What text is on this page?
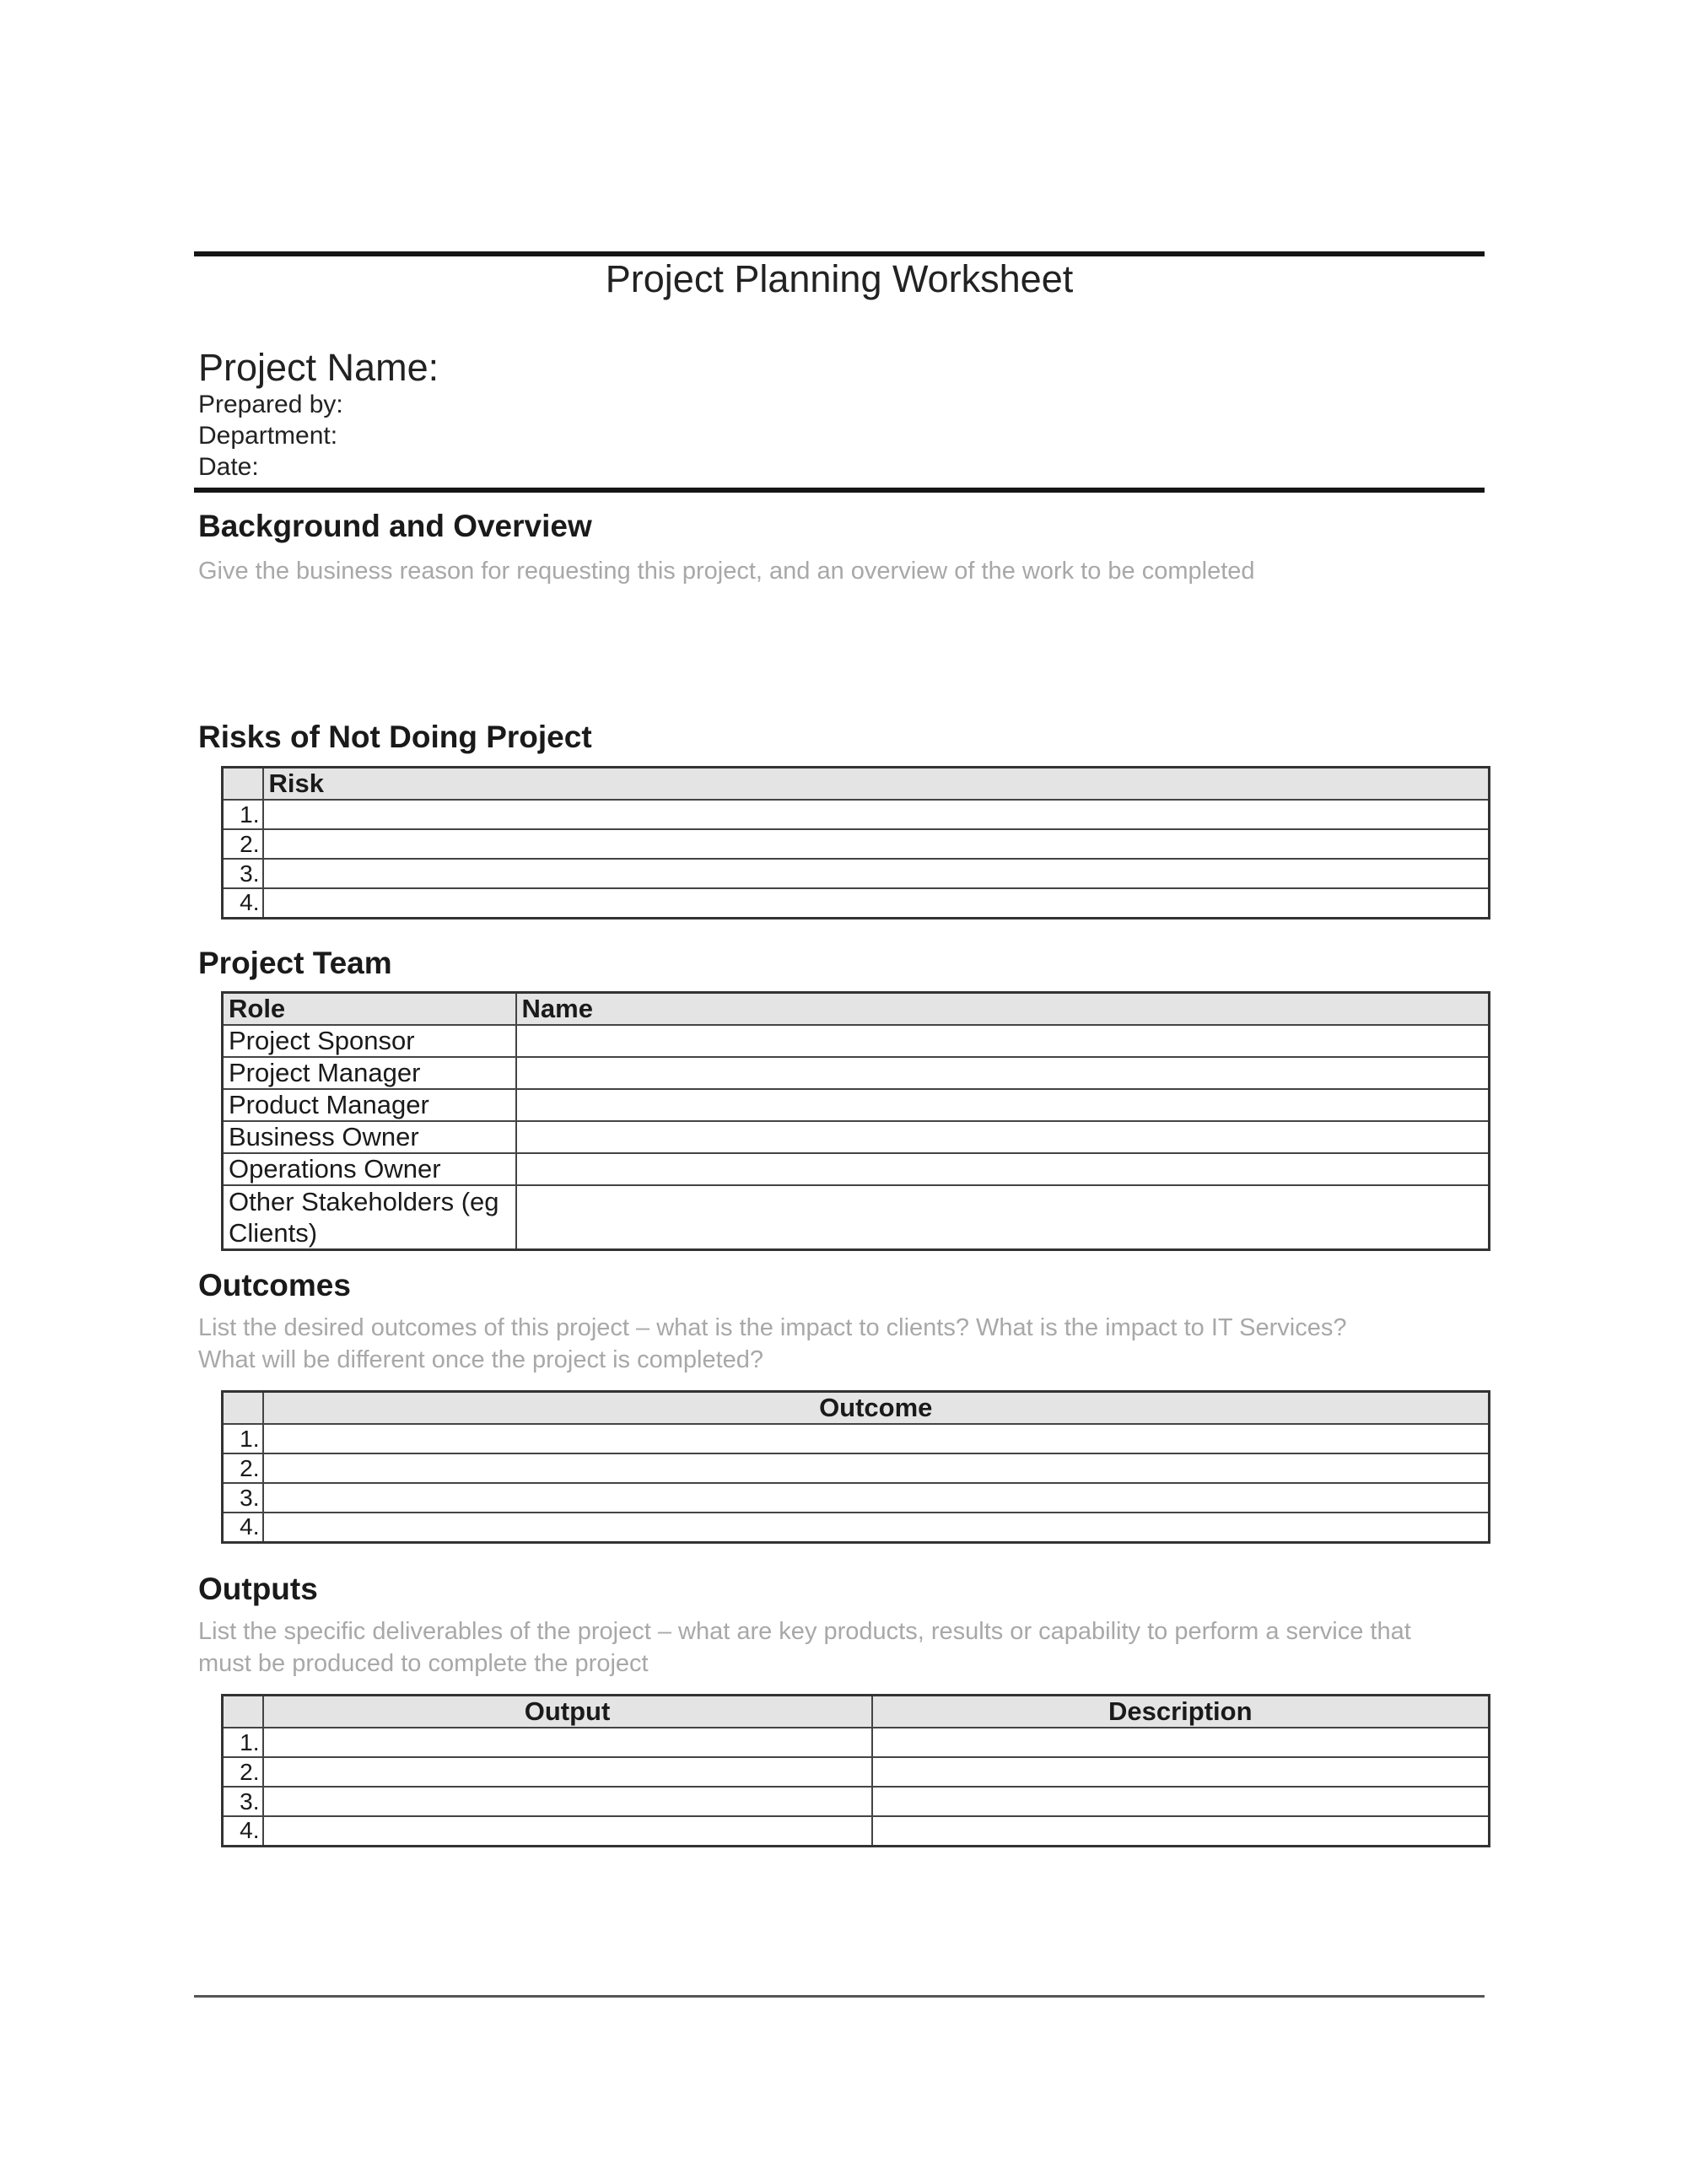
Project Planning Worksheet
Project Name:
Prepared by:
Department:
Date:
Background and Overview
Give the business reason for requesting this project, and an overview of the work to be completed
Risks of Not Doing Project
	Risk
1.	
2.	
3.	
4.	
Project Team
Role	Name
Project Sponsor	
Project Manager	
Product Manager	
Business Owner	
Operations Owner	
Other Stakeholders (eg Clients)	
Outcomes
List the desired outcomes of this project – what is the impact to clients? What is the impact to IT Services? What will be different once the project is completed?
	Outcome
1.	
2.	
3.	
4.	
Outputs
List the specific deliverables of the project – what are key products, results or capability to perform a service that must be produced to complete the project
	Output	Description
1.		
2.		
3.		
4.		
